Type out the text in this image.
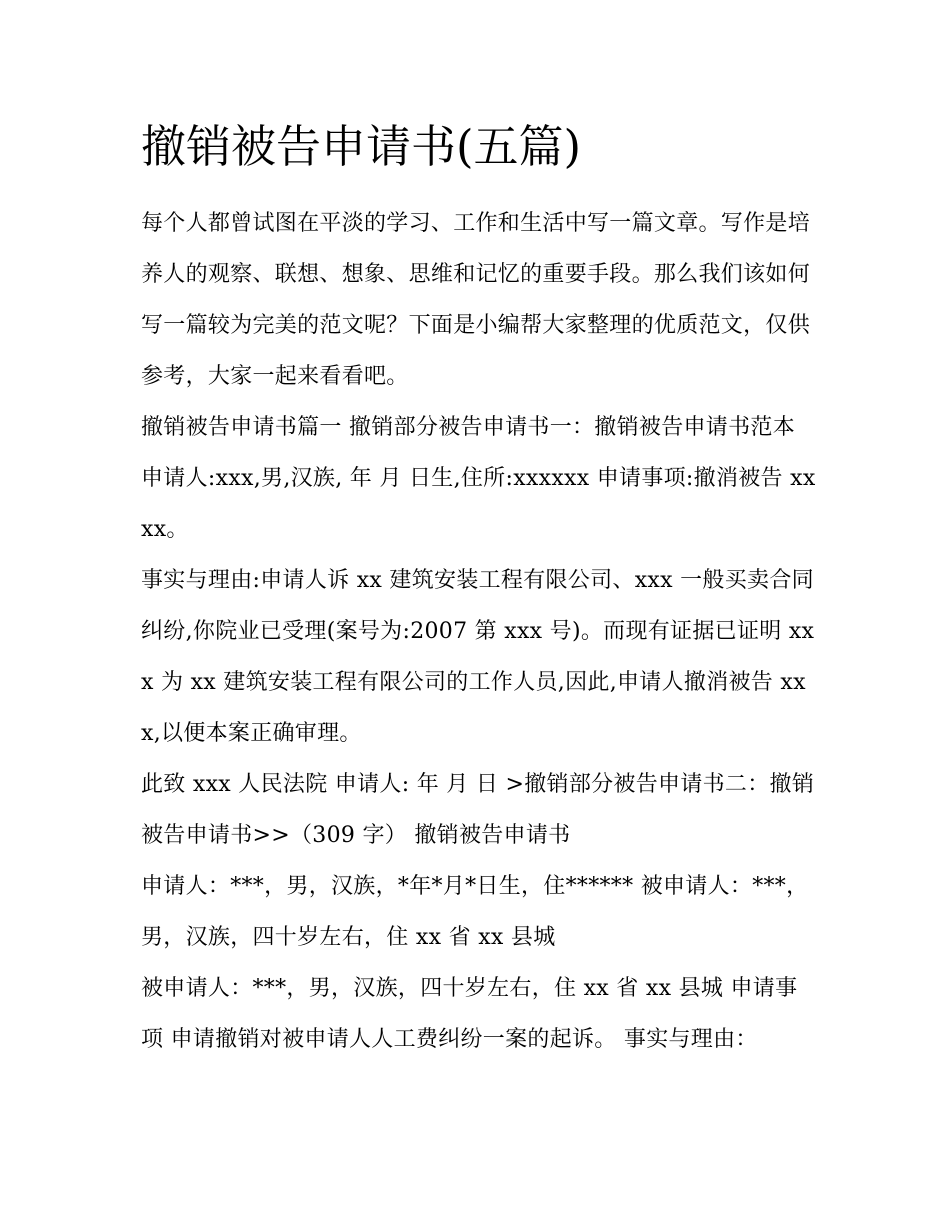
撤销被告申请书(五篇)

每个人都曾试图在平淡的学习、工作和生活中写一篇文章。写作是培养人的观察、联想、想象、思维和记忆的重要手段。那么我们该如何写一篇较为完美的范文呢？下面是小编帮大家整理的优质范文，仅供参考，大家一起来看看吧。

撤销被告申请书篇一 撤销部分被告申请书一：撤销被告申请书范本 申请人:xxx,男,汉族, 年 月 日生,住所:xxxxxx 申请事项:撤消被告 xxxx。

事实与理由:申请人诉 xx 建筑安装工程有限公司、xxx 一般买卖合同纠纷,你院业已受理(案号为:2007 第 xxx 号)。而现有证据已证明 xxx 为 xx 建筑安装工程有限公司的工作人员,因此,申请人撤消被告 xxx,以便本案正确审理。

此致 xxx 人民法院 申请人: 年 月 日 >撤销部分被告申请书二：撤销被告申请书>>（309 字） 撤销被告申请书

申请人：***，男，汉族，*年*月*日生，住****** 被申请人：***，男，汉族，四十岁左右，住 xx 省 xx 县城

被申请人：***，男，汉族，四十岁左右，住 xx 省 xx 县城 申请事项 申请撤销对被申请人人工费纠纷一案的起诉。 事实与理由：
